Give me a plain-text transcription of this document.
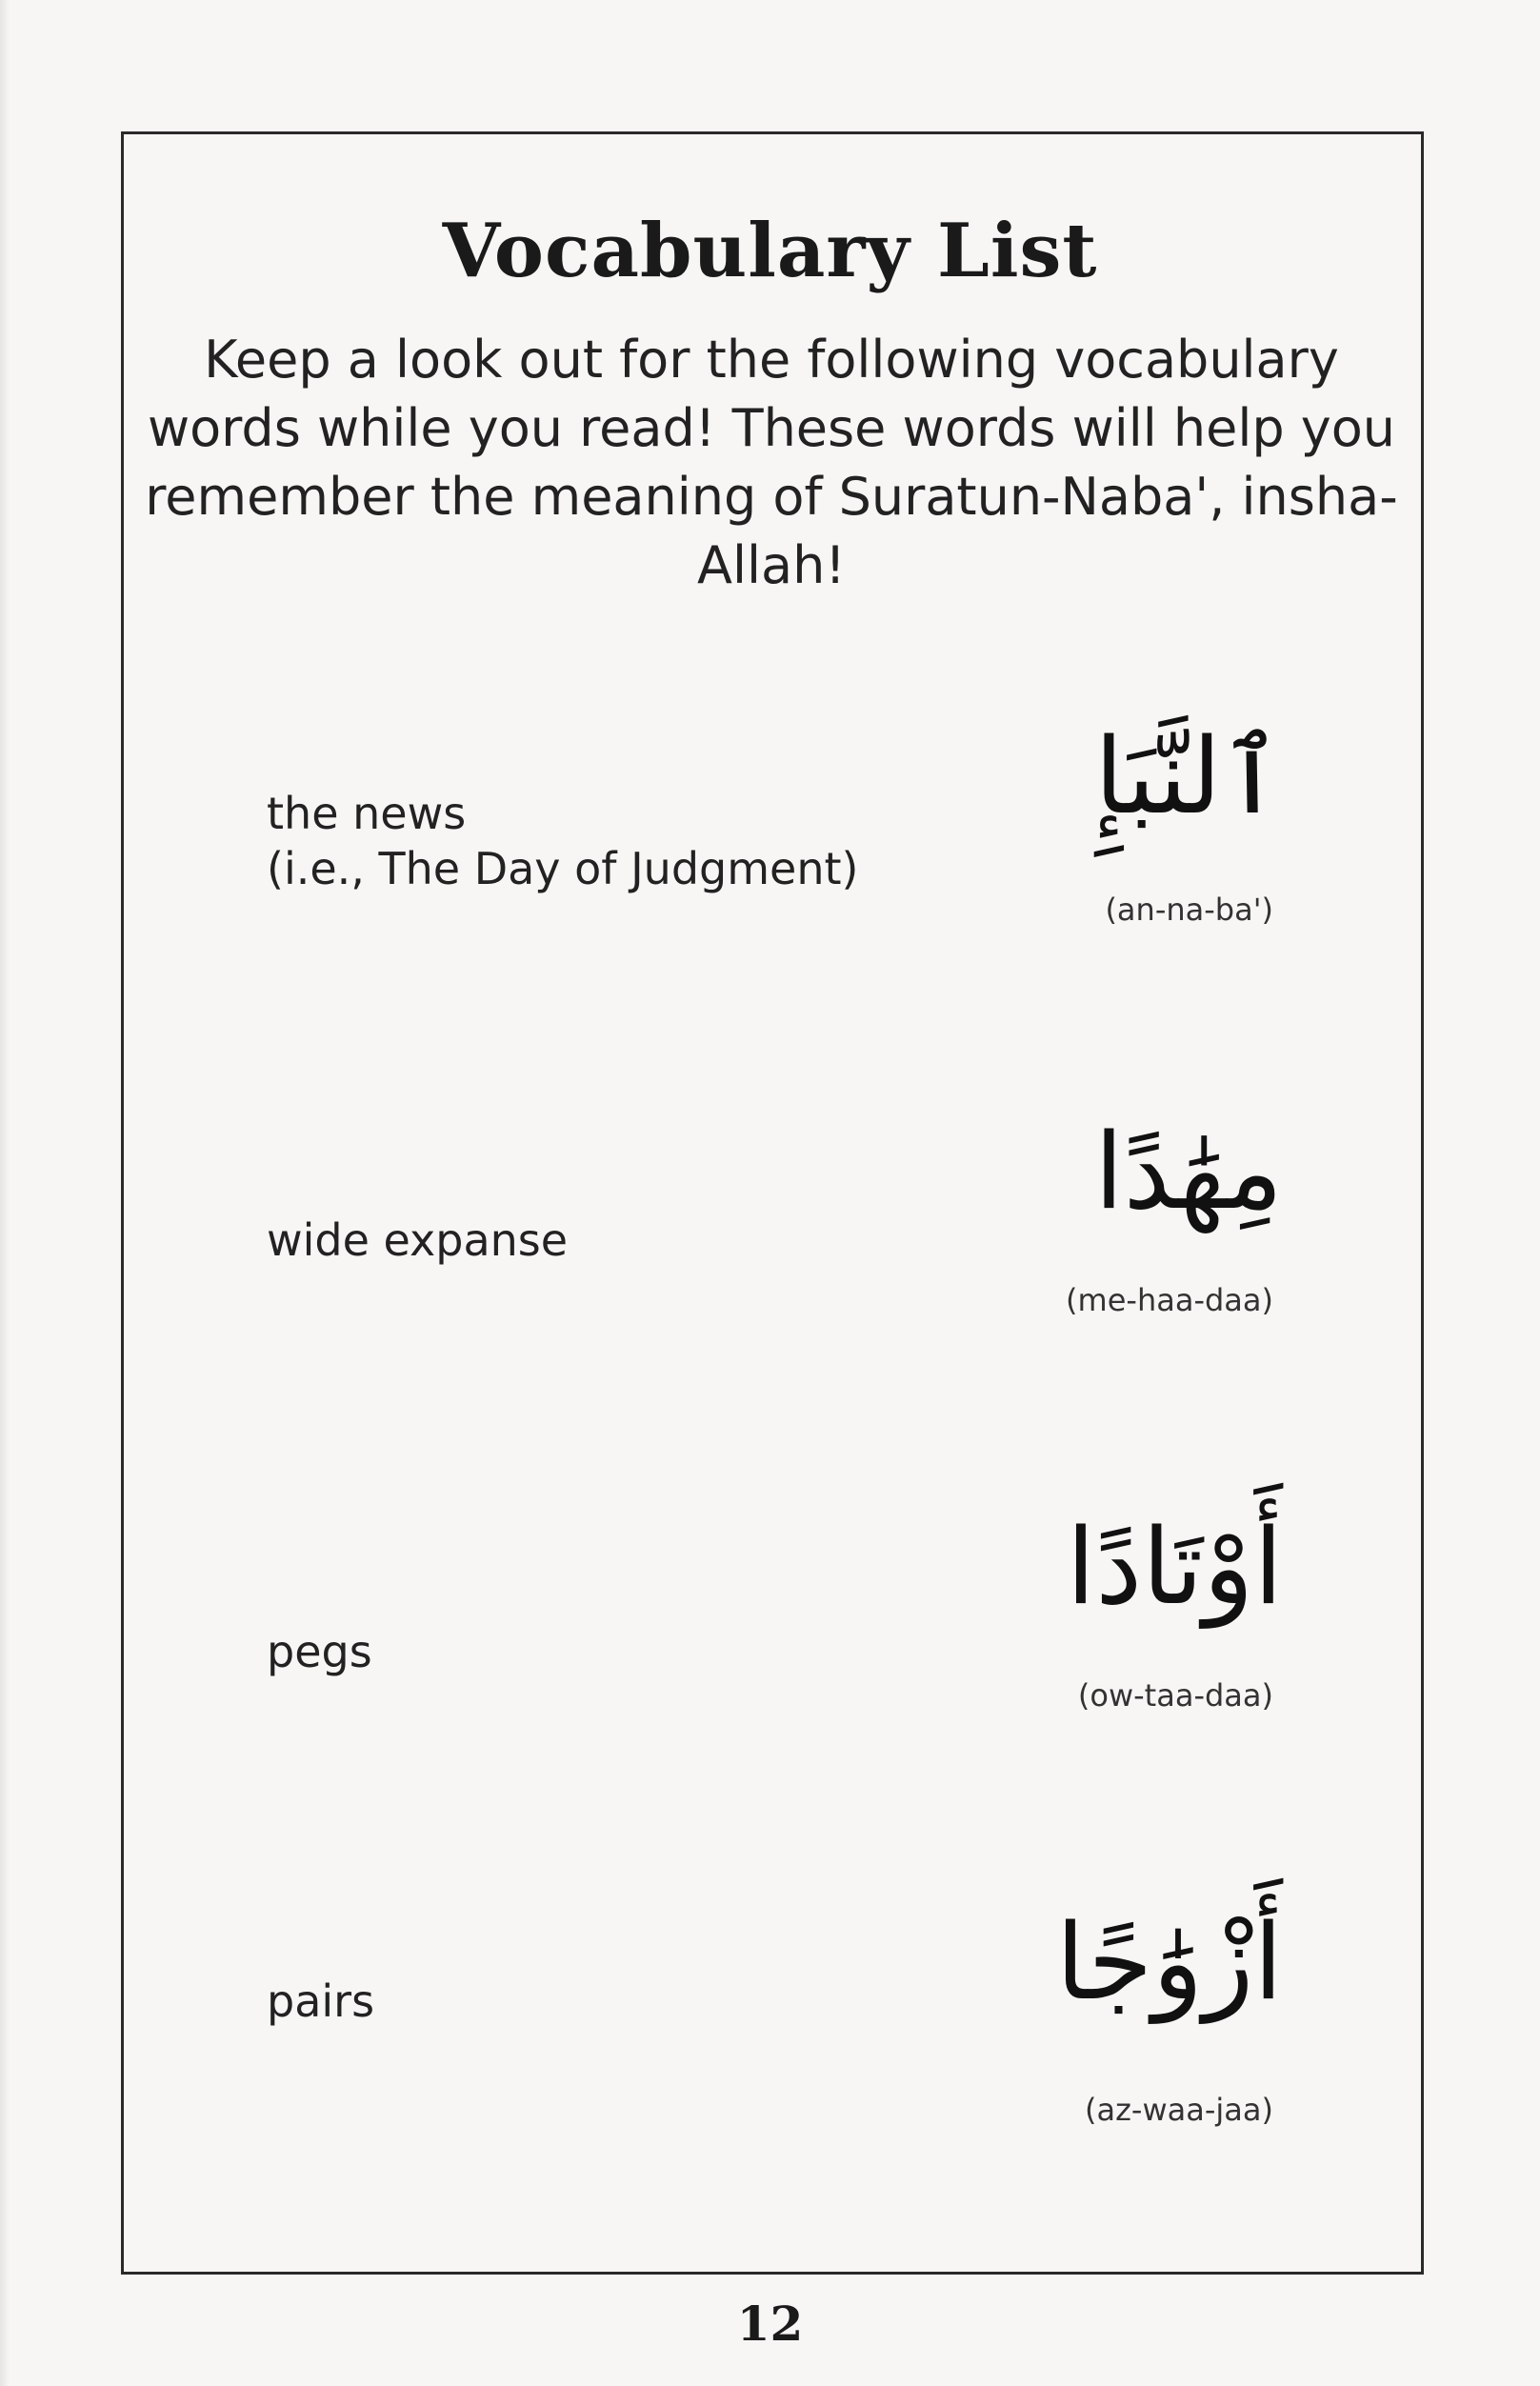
Vocabulary List

Keep a look out for the following vocabulary words while you read! These words will help you remember the meaning of Suratun-Naba', insha-Allah!

the news
(i.e., The Day of Judgment)
ٱلنَّبَإِ
(an-na-ba')
wide expanse
مِهَٰدًا
(me-haa-daa)
pegs
أَوْتَادًا
(ow-taa-daa)
pairs	أَزْوَٰجًا
(az-waa-jaa)
12
